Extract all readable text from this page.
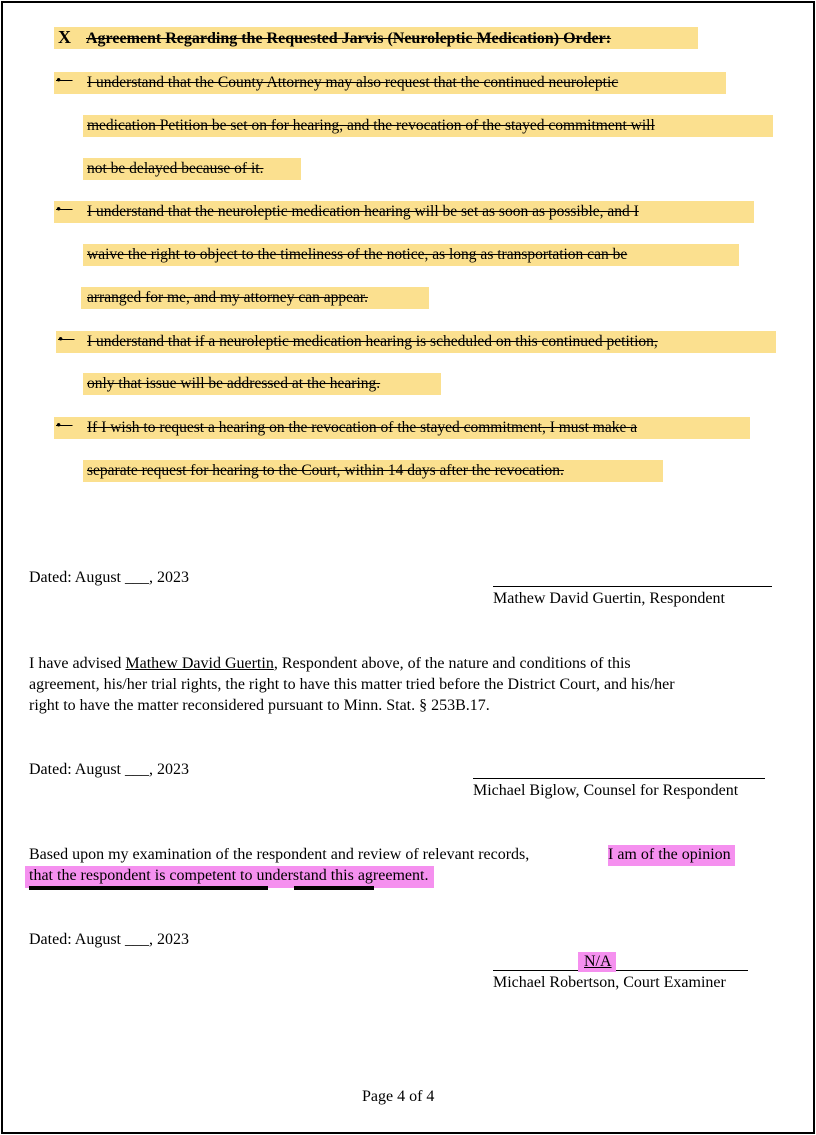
X Agreement Regarding the Requested Jarvis (Neuroleptic Medication) Order:
• I understand that the County Attorney may also request that the continued neuroleptic
medication Petition be set on for hearing, and the revocation of the stayed commitment will
not be delayed because of it.
• I understand that the neuroleptic medication hearing will be set as soon as possible, and I
waive the right to object to the timeliness of the notice, as long as transportation can be
arranged for me, and my attorney can appear.
• I understand that if a neuroleptic medication hearing is scheduled on this continued petition,
only that issue will be addressed at the hearing.
• If I wish to request a hearing on the revocation of the stayed commitment, I must make a
separate request for hearing to the Court, within 14 days after the revocation.
Dated: August ___, 2023
Mathew David Guertin, Respondent
I have advised Mathew David Guertin, Respondent above, of the nature and conditions of this
agreement, his/her trial rights, the right to have this matter tried before the District Court, and his/her
right to have the matter reconsidered pursuant to Minn. Stat. § 253B.17.
Dated: August ___, 2023
Michael Biglow, Counsel for Respondent
Based upon my examination of the respondent and review of relevant records,	I am of the opinion
that the respondent is competent to understand this agreement.
Dated: August ___, 2023
N/A
Michael Robertson, Court Examiner
Page 4 of 4
